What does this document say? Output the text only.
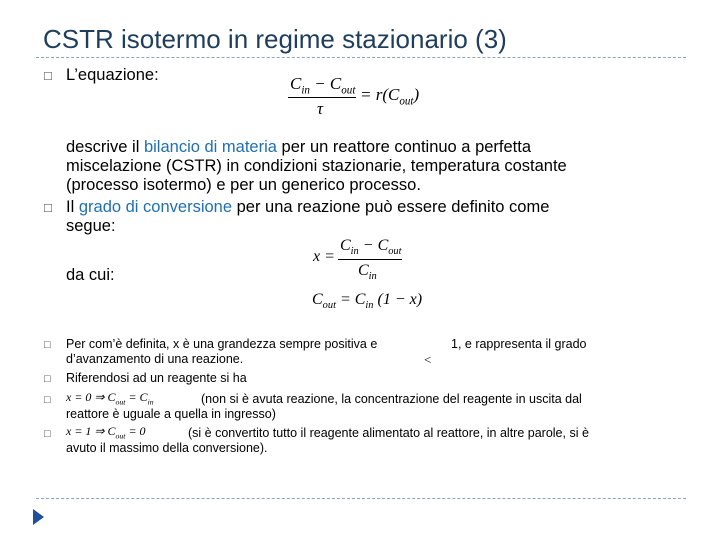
CSTR isotermo in regime stazionario (3)
□ L’equazione:	$C_{in} - C_{out}$
τ
= $r(C_{out})$
descrive il bilancio di materia per un reattore continuo a perfetta
miscelazione (CSTR) in condizioni stazionarie, temperatura costante
(processo isotermo) e per un generico processo.
□ Il grado di conversione per una reazione può essere definito come
segue:
x =
$C_{in} - C_{out}$
$C_{in}$
da cui:
$C_{out} = C_{in}$ (1 − x)
□ Per com’è definita, x è una grandezza sempre positiva e	1, e rappresenta il grado
<
d’avanzamento di una reazione.
□ Riferendosi ad un reagente si ha
□ x = 0 ⇒ $C_{out} = C_{in}$	(non si è avuta reazione, la concentrazione del reagente in uscita dal
reattore è uguale a quella in ingresso)
□ x = 1 ⇒ $C_{out} = 0$	(si è convertito tutto il reagente alimentato al reattore, in altre parole, si è
avuto il massimo della conversione).
